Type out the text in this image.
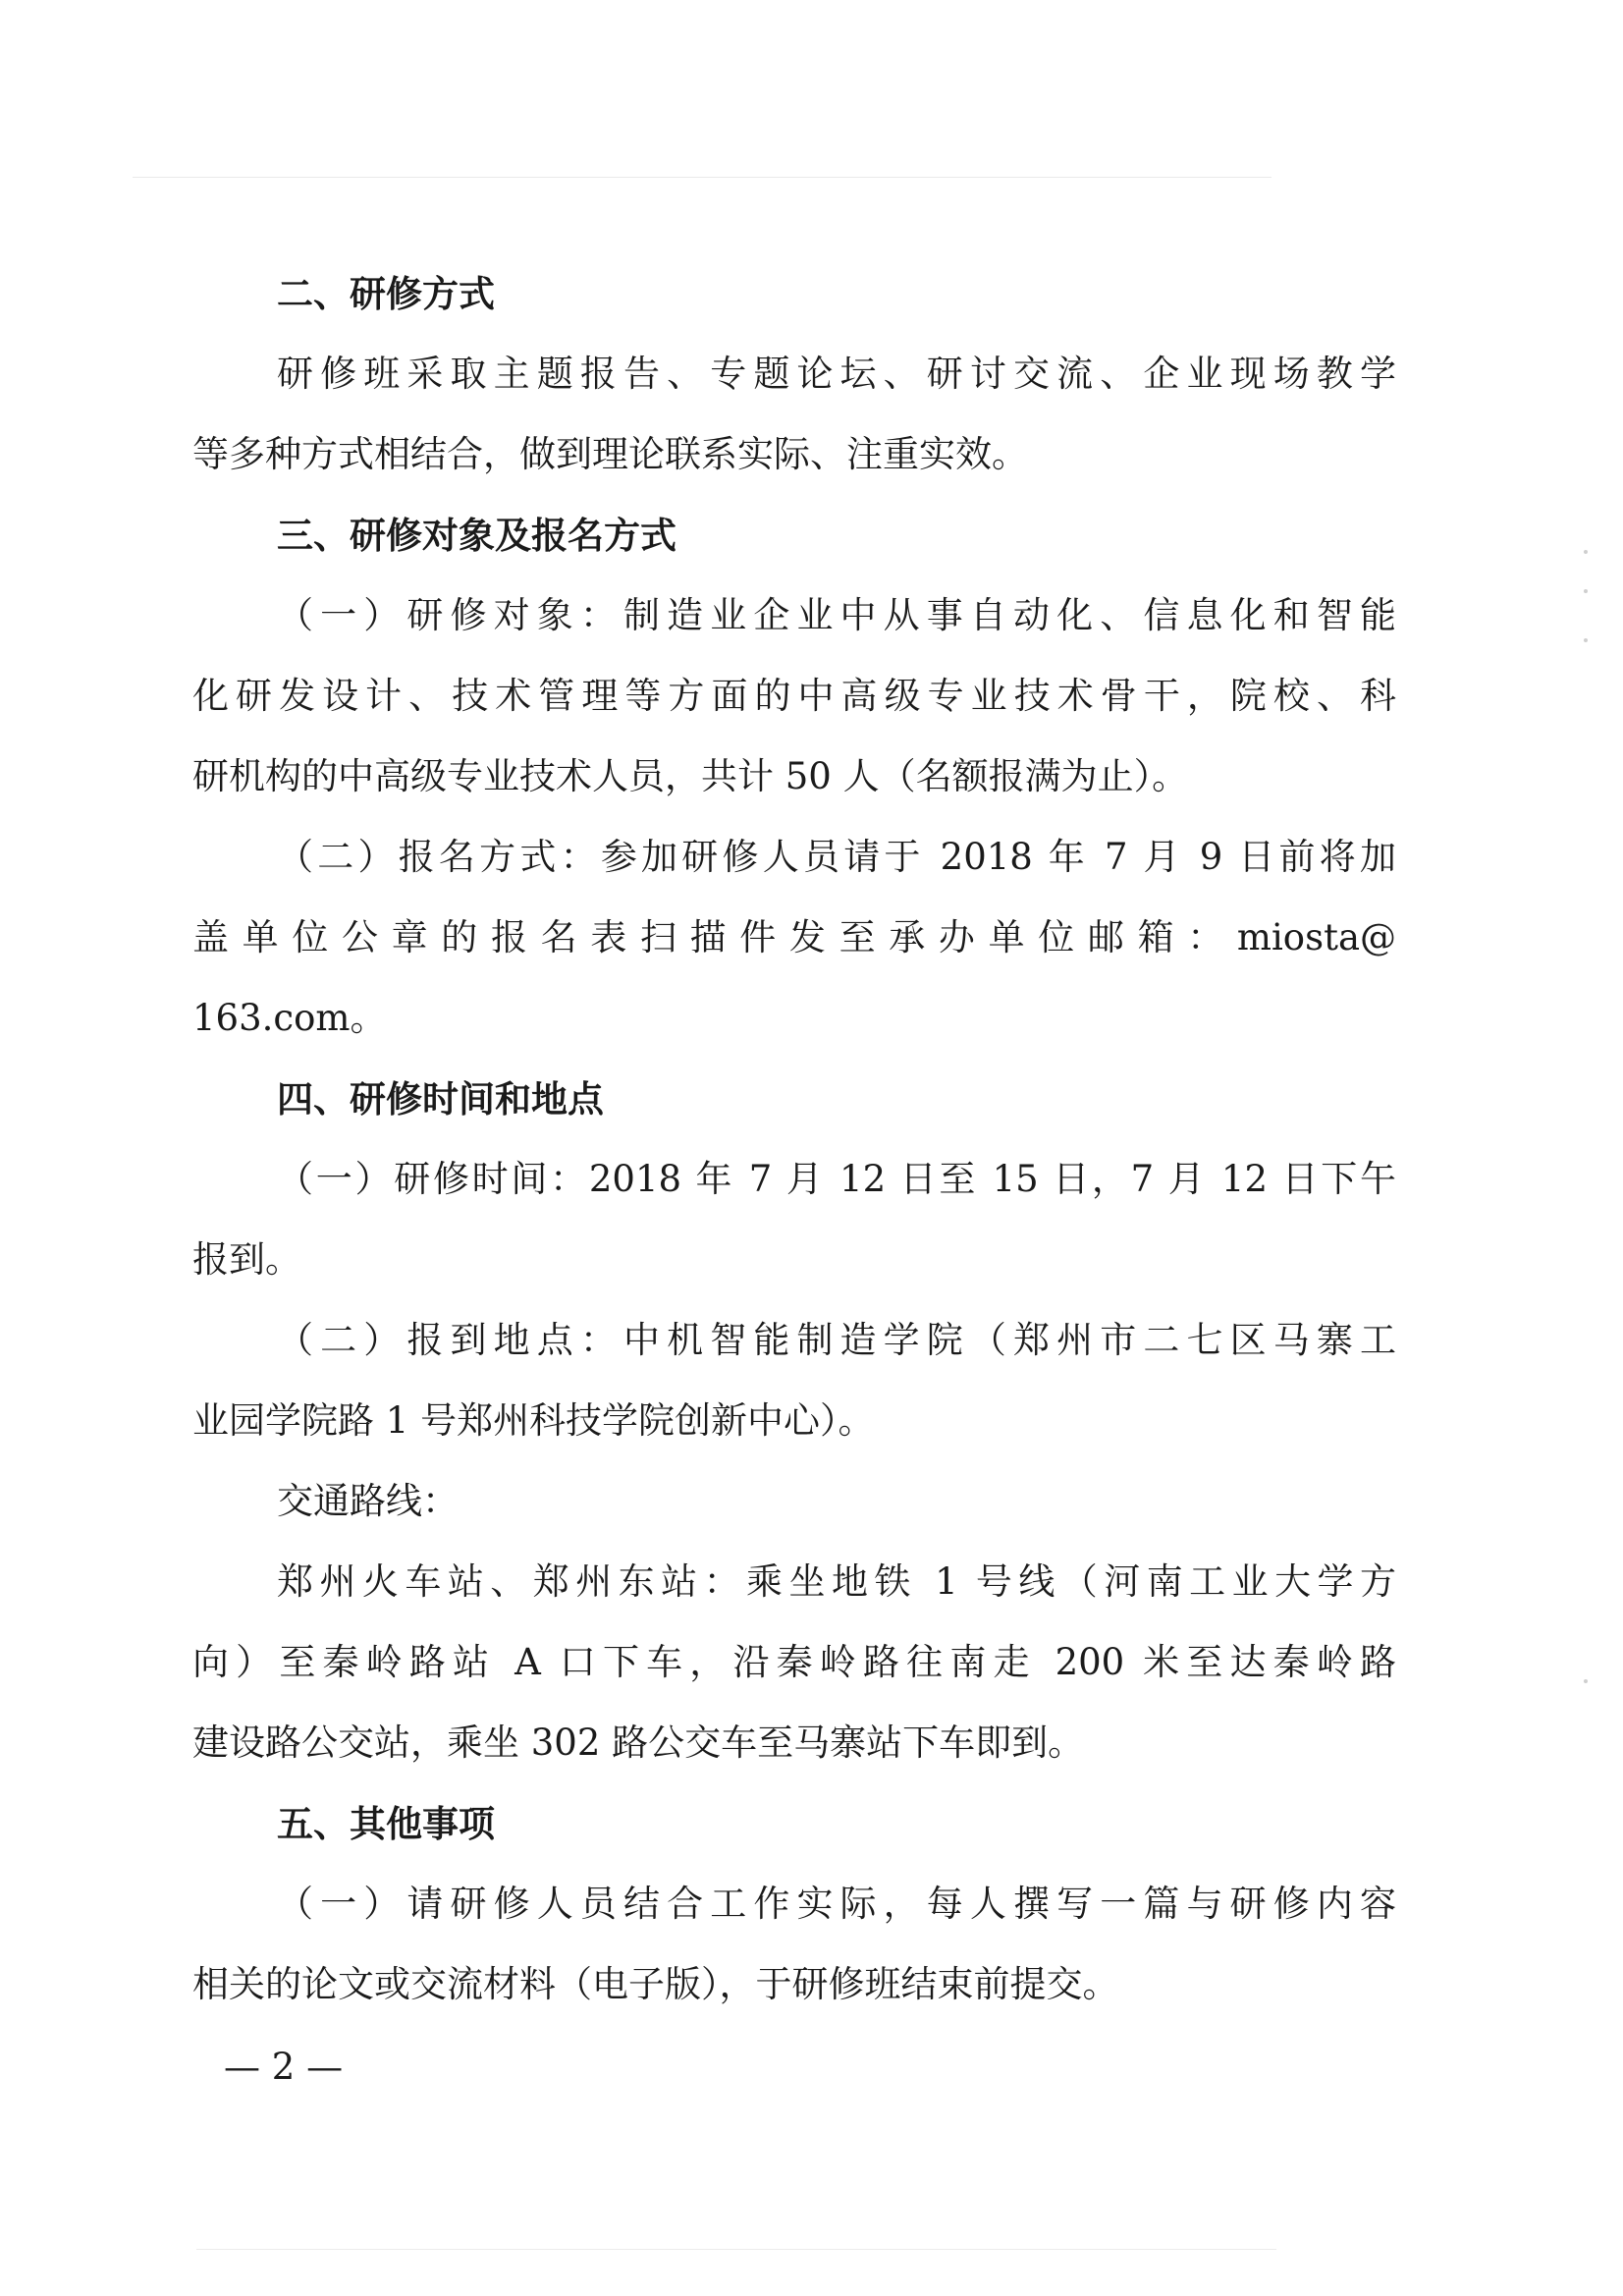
二、研修方式
研修班采取主题报告、专题论坛、研讨交流、企业现场教学
等多种方式相结合，做到理论联系实际、注重实效。
三、研修对象及报名方式
（一）研修对象：制造业企业中从事自动化、信息化和智能
化研发设计、技术管理等方面的中高级专业技术骨干，院校、科
研机构的中高级专业技术人员，共计 50 人（名额报满为止）。
（二）报名方式：参加研修人员请于 2018 年 7 月 9 日前将加
盖单位公章的报名表扫描件发至承办单位邮箱：miosta@
163.com。
四、研修时间和地点
（一）研修时间：2018 年 7 月 12 日至 15 日，7 月 12 日下午
报到。
（二）报到地点：中机智能制造学院（郑州市二七区马寨工
业园学院路 1 号郑州科技学院创新中心）。
交通路线：
郑州火车站、郑州东站：乘坐地铁 1 号线（河南工业大学方
向）至秦岭路站 A 口下车，沿秦岭路往南走 200 米至达秦岭路
建设路公交站，乘坐 302 路公交车至马寨站下车即到。
五、其他事项
（一）请研修人员结合工作实际，每人撰写一篇与研修内容
相关的论文或交流材料（电子版），于研修班结束前提交。
— 2 —
